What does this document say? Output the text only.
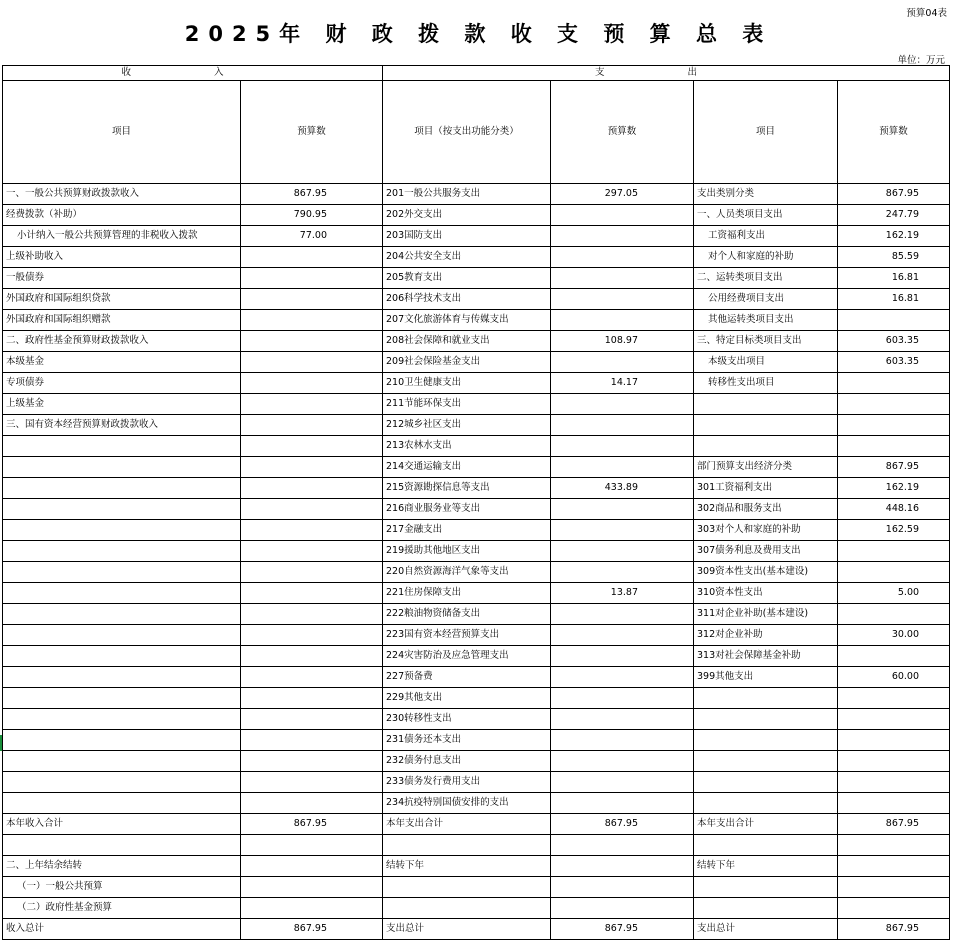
预算04表
2025年 财 政 拨 款 收 支 预 算 总 表
单位：万元
收 入		支 出			
项目	预算数	项目（按支出功能分类）	预算数	项目	预算数
一、一般公共预算财政拨款收入	867.95	201一般公共服务支出	297.05	支出类别分类	867.95
经费拨款（补助）	790.95	202外交支出		一、人员类项目支出	247.79
小计纳入一般公共预算管理的非税收入拨款	77.00	203国防支出		工资福利支出	162.19
上级补助收入		204公共安全支出		对个人和家庭的补助	85.59
一般债券		205教育支出		二、运转类项目支出	16.81
外国政府和国际组织贷款		206科学技术支出		公用经费项目支出	16.81
外国政府和国际组织赠款		207文化旅游体育与传媒支出		其他运转类项目支出	
二、政府性基金预算财政拨款收入		208社会保障和就业支出	108.97	三、特定目标类项目支出	603.35
本级基金		209社会保险基金支出		本级支出项目	603.35
专项债券		210卫生健康支出	14.17	转移性支出项目	
上级基金		211节能环保支出			
三、国有资本经营预算财政拨款收入		212城乡社区支出			
		213农林水支出			
		214交通运输支出		部门预算支出经济分类	867.95
		215资源勘探信息等支出	433.89	301工资福利支出	162.19
		216商业服务业等支出		302商品和服务支出	448.16
		217金融支出		303对个人和家庭的补助	162.59
		219援助其他地区支出		307债务利息及费用支出	
		220自然资源海洋气象等支出		309资本性支出(基本建设)	
		221住房保障支出	13.87	310资本性支出	5.00
		222粮油物资储备支出		311对企业补助(基本建设)	
		223国有资本经营预算支出		312对企业补助	30.00
		224灾害防治及应急管理支出		313对社会保障基金补助	
		227预备费		399其他支出	60.00
		229其他支出			
		230转移性支出			
		231债务还本支出			
		232债务付息支出			
		233债务发行费用支出			
		234抗疫特别国债安排的支出			
本年收入合计	867.95	本年支出合计	867.95	本年支出合计	867.95

二、上年结余结转		结转下年		结转下年	
（一）一般公共预算					
（二）政府性基金预算					
收入总计	867.95	支出总计	867.95	支出总计	867.95
